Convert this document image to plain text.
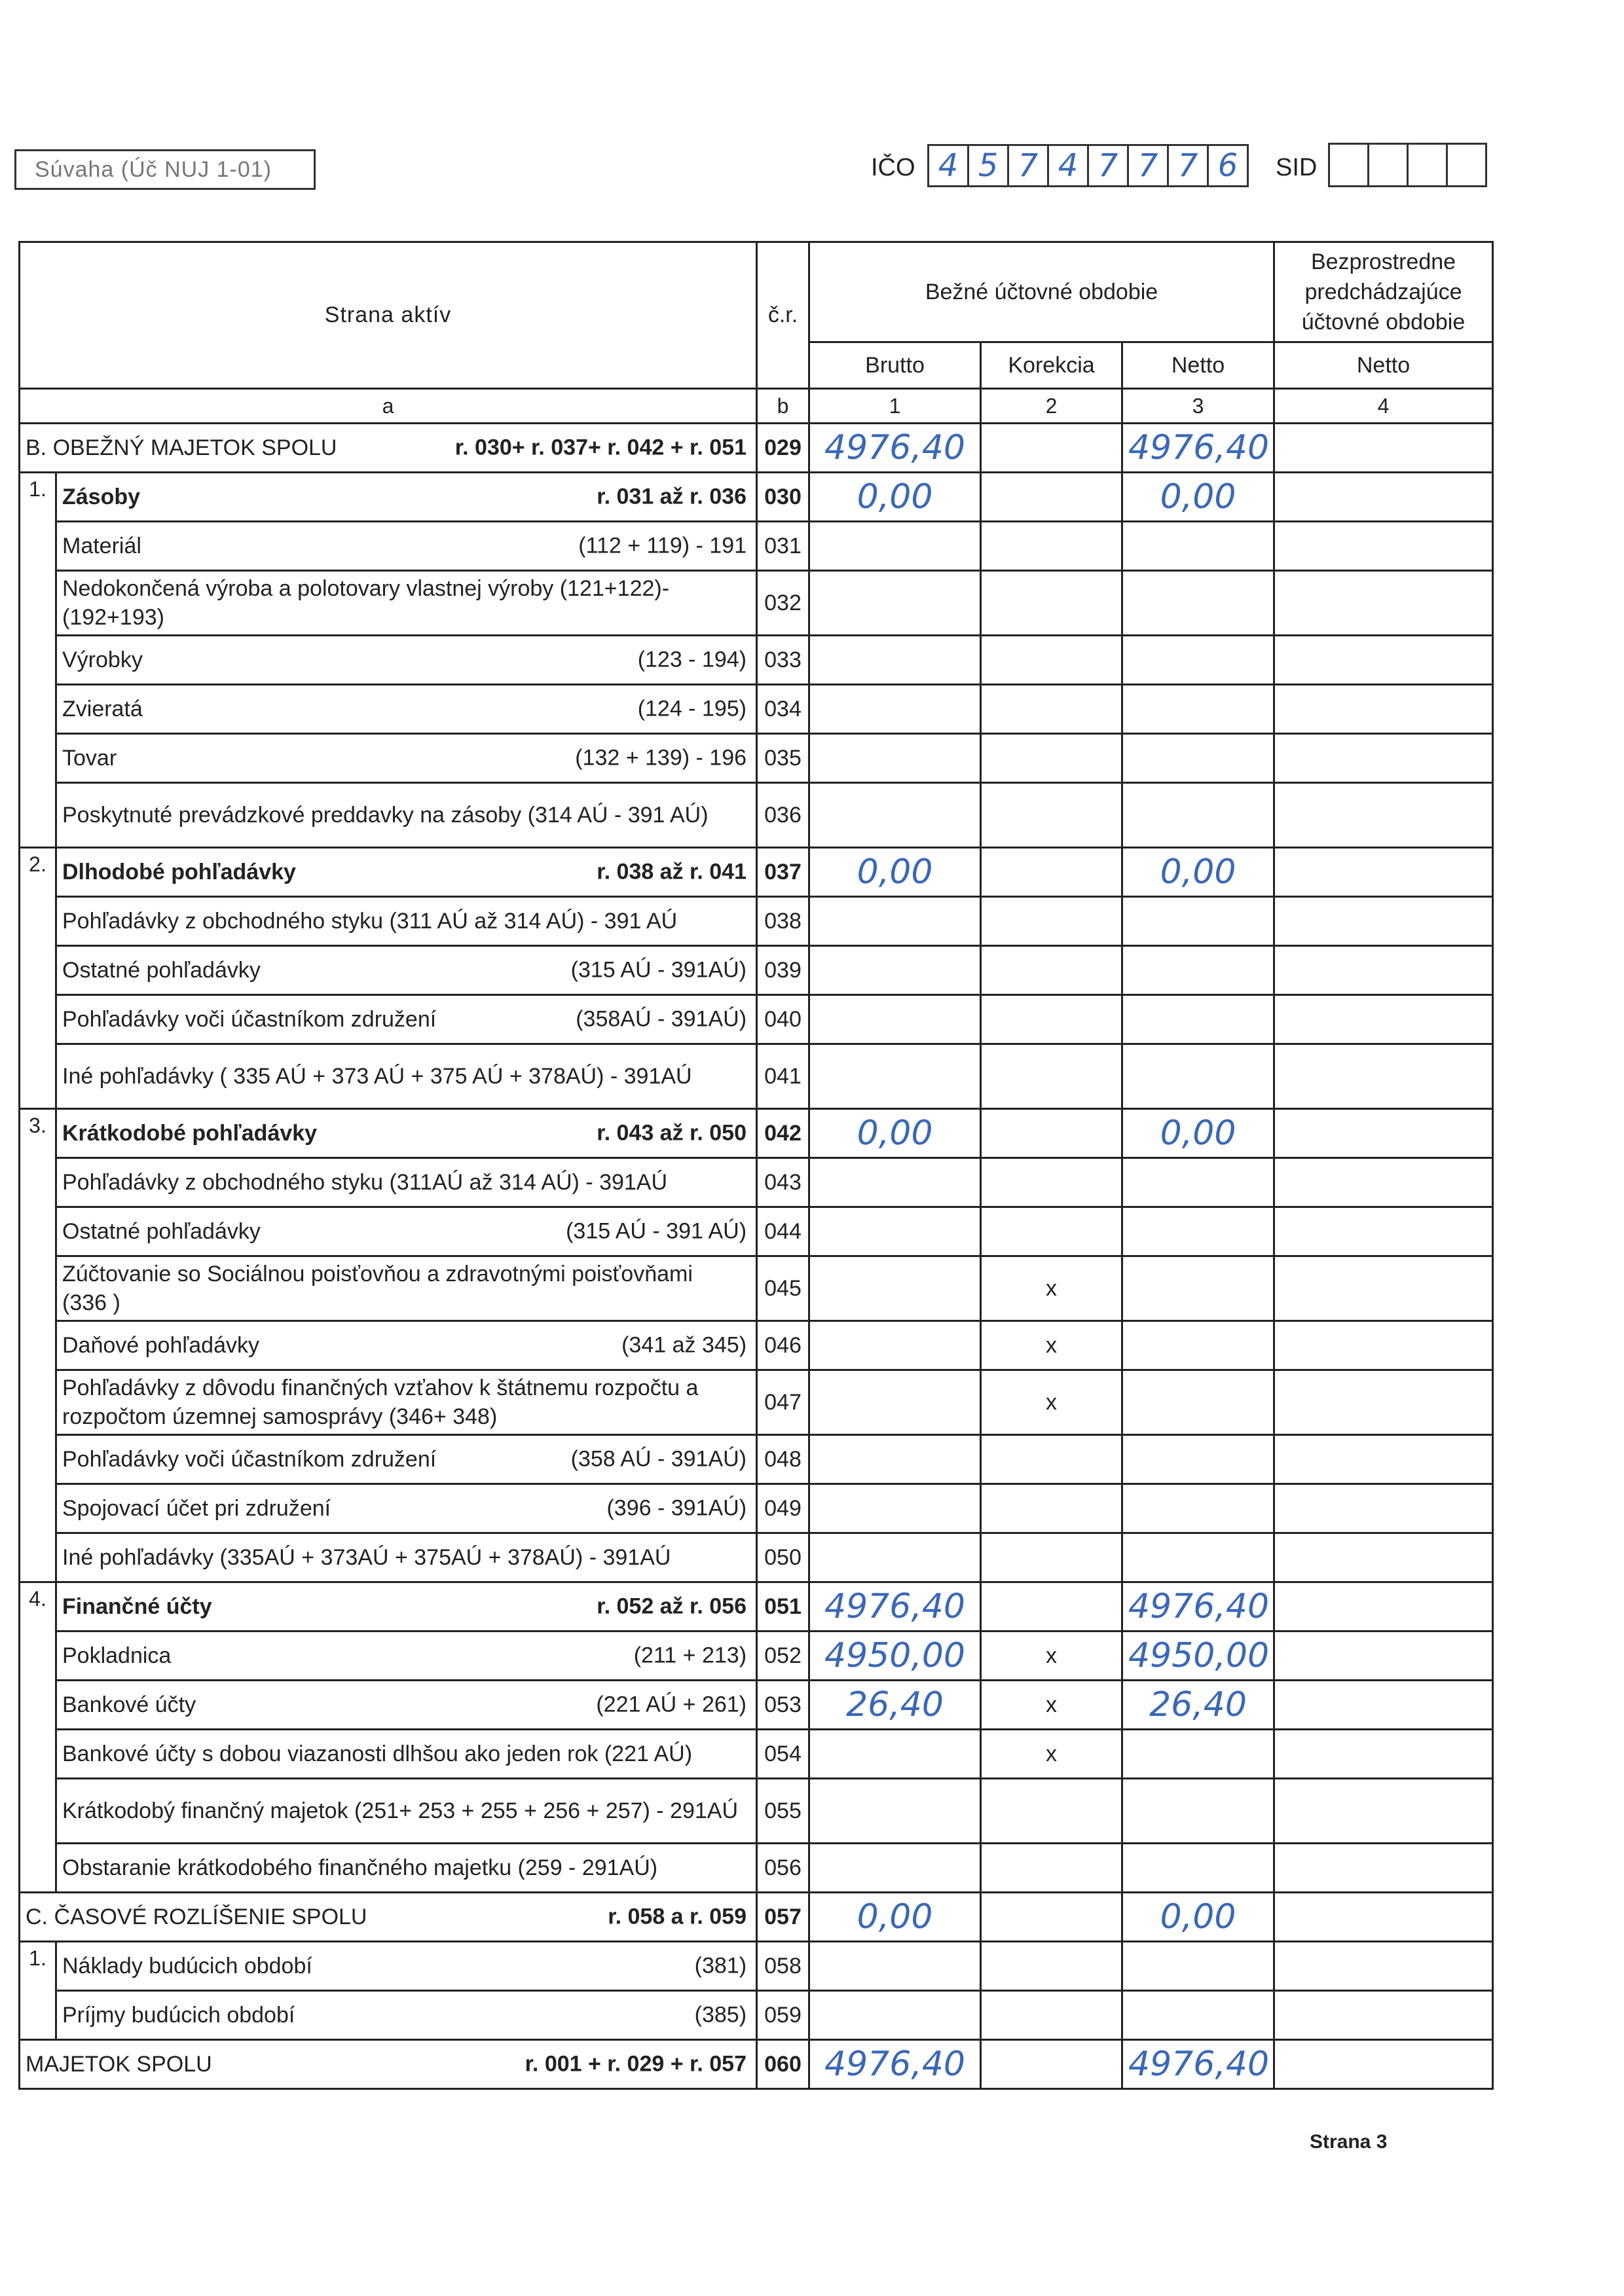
Súvaha (Úč NUJ 1-01)	IČO 4 5 7 4 7 7 7 6	SID
Strana aktív		č.r.	Bežné účtovné obdobie			Bezprostredne predchádzajúce účtovné obdobie
			Brutto	Korekcia	Netto	Netto
a		b	1	2	3	4
B. OBEŽNÝ MAJETOK SPOLU r. 030+ r. 037+ r. 042 + r. 051		029	4976,40		4976,40	
1.	Zásoby r. 031 až r. 036	030	0,00		0,00	
	Materiál (112 + 119) - 191	031				
	Nedokončená výroba a polotovary vlastnej výroby (121+122)-(192+193)	032				
	Výrobky (123 - 194)	033				
	Zvieratá (124 - 195)	034				
	Tovar (132 + 139) - 196	035				
	Poskytnuté prevádzkové preddavky na zásoby (314 AÚ - 391 AÚ)	036				
2.	Dlhodobé pohľadávky r. 038 až r. 041	037	0,00		0,00	
	Pohľadávky z obchodného styku (311 AÚ až 314 AÚ) - 391 AÚ	038				
	Ostatné pohľadávky (315 AÚ - 391AÚ)	039				
	Pohľadávky voči účastníkom združení (358AÚ - 391AÚ)	040				
	Iné pohľadávky ( 335 AÚ + 373 AÚ + 375 AÚ + 378AÚ) - 391AÚ	041				
3.	Krátkodobé pohľadávky r. 043 až r. 050	042	0,00		0,00	
	Pohľadávky z obchodného styku (311AÚ až 314 AÚ) - 391AÚ	043				
	Ostatné pohľadávky (315 AÚ - 391 AÚ)	044				
	Zúčtovanie so Sociálnou poisťovňou a zdravotnými poisťovňami (336 )	045		x		
	Daňové pohľadávky (341 až 345)	046		x		
	Pohľadávky z dôvodu finančných vzťahov k štátnemu rozpočtu a rozpočtom územnej samosprávy (346+ 348)	047		x		
	Pohľadávky voči účastníkom združení (358 AÚ - 391AÚ)	048				
	Spojovací účet pri združení (396 - 391AÚ)	049				
	Iné pohľadávky (335AÚ + 373AÚ + 375AÚ + 378AÚ) - 391AÚ	050				
4.	Finančné účty r. 052 až r. 056	051	4976,40		4976,40	
	Pokladnica (211 + 213)	052	4950,00	x	4950,00	
	Bankové účty (221 AÚ + 261)	053	26,40	x	26,40	
	Bankové účty s dobou viazanosti dlhšou ako jeden rok (221 AÚ)	054		x		
	Krátkodobý finančný majetok (251+ 253 + 255 + 256 + 257) - 291AÚ	055				
	Obstaranie krátkodobého finančného majetku (259 - 291AÚ)	056				
C. ČASOVÉ ROZLÍŠENIE SPOLU r. 058 a r. 059		057	0,00		0,00	
1.	Náklady budúcich období (381)	058				
	Príjmy budúcich období (385)	059				
MAJETOK SPOLU r. 001 + r. 029 + r. 057		060	4976,40		4976,40	
Strana 3
